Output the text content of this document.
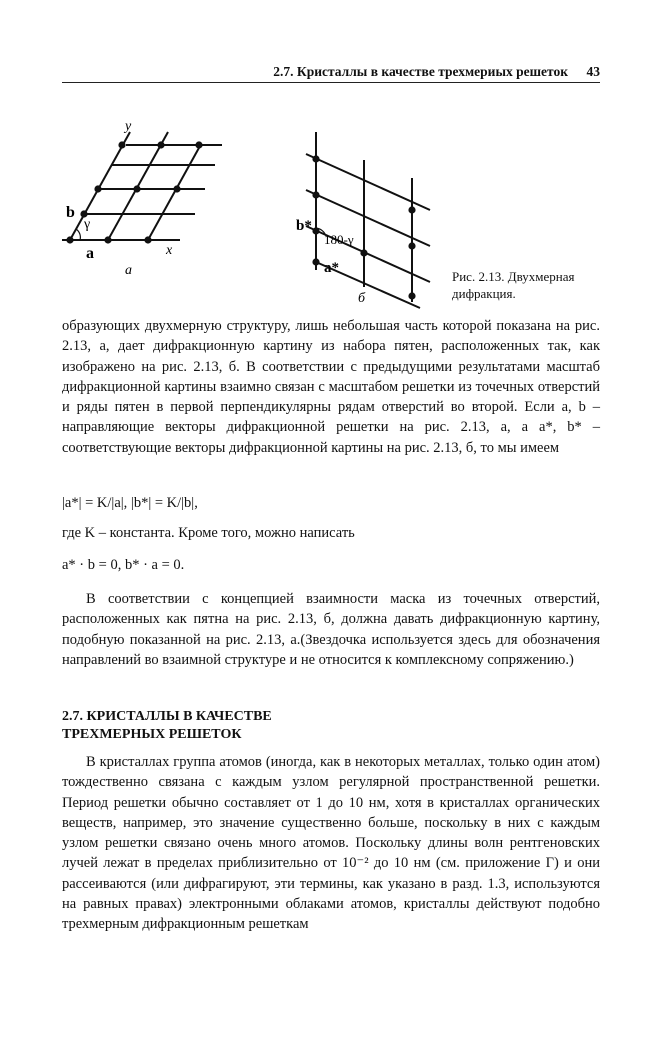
2.7. Кристаллы в качестве трехмериых решеток 43
y
x
b
γ
a
а
b*
180-γ
a*
б
Рис. 2.13. Двухмерная дифракция.

образующих двухмерную структуру, лишь небольшая часть которой показана на рис. 2.13, а, дает дифракционную картину из набора пятен, расположенных так, как изображено на рис. 2.13, б. В соответствии с предыдущими результатами масштаб дифракционной картины взаимно связан с масштабом решетки из точечных отверстий и ряды пятен в первой перпендикулярны рядам отверстий во второй. Если а, b – направляющие векторы дифракционной решетки на рис. 2.13, а, а а*, b* – соответствующие векторы дифракционной картины на рис. 2.13, б, то мы имеем

|а*| = K/|а|, |b*| = K/|b|,

где K – константа. Кроме того, можно написать

а* · b = 0, b* · а = 0.

В соответствии с концепцией взаимности маска из точечных отверстий, расположенных как пятна на рис. 2.13, б, должна давать дифракционную картину, подобную показанной на рис. 2.13, а.(Звездочка используется здесь для обозначения направлений во взаимной структуре и не относится к комплексному сопряжению.)

2.7. КРИСТАЛЛЫ В КАЧЕСТВЕ
ТРЕХМЕРНЫХ РЕШЕТОК

В кристаллах группа атомов (иногда, как в некоторых металлах, только один атом) тождественно связана с каждым узлом регулярной пространственной решетки. Период решетки обычно составляет от 1 до 10 нм, хотя в кристаллах органических веществ, например, это значение существенно больше, поскольку в них с каждым узлом решетки связано очень много атомов. Поскольку длины волн рентгеновских лучей лежат в пределах приблизительно от 10⁻² до 10 нм (см. приложение Г) и они рассеиваются (или дифрагируют, эти термины, как указано в разд. 1.3, используются на равных правах) электронными облаками атомов, кристаллы действуют подобно трехмерным дифракционным решеткам
